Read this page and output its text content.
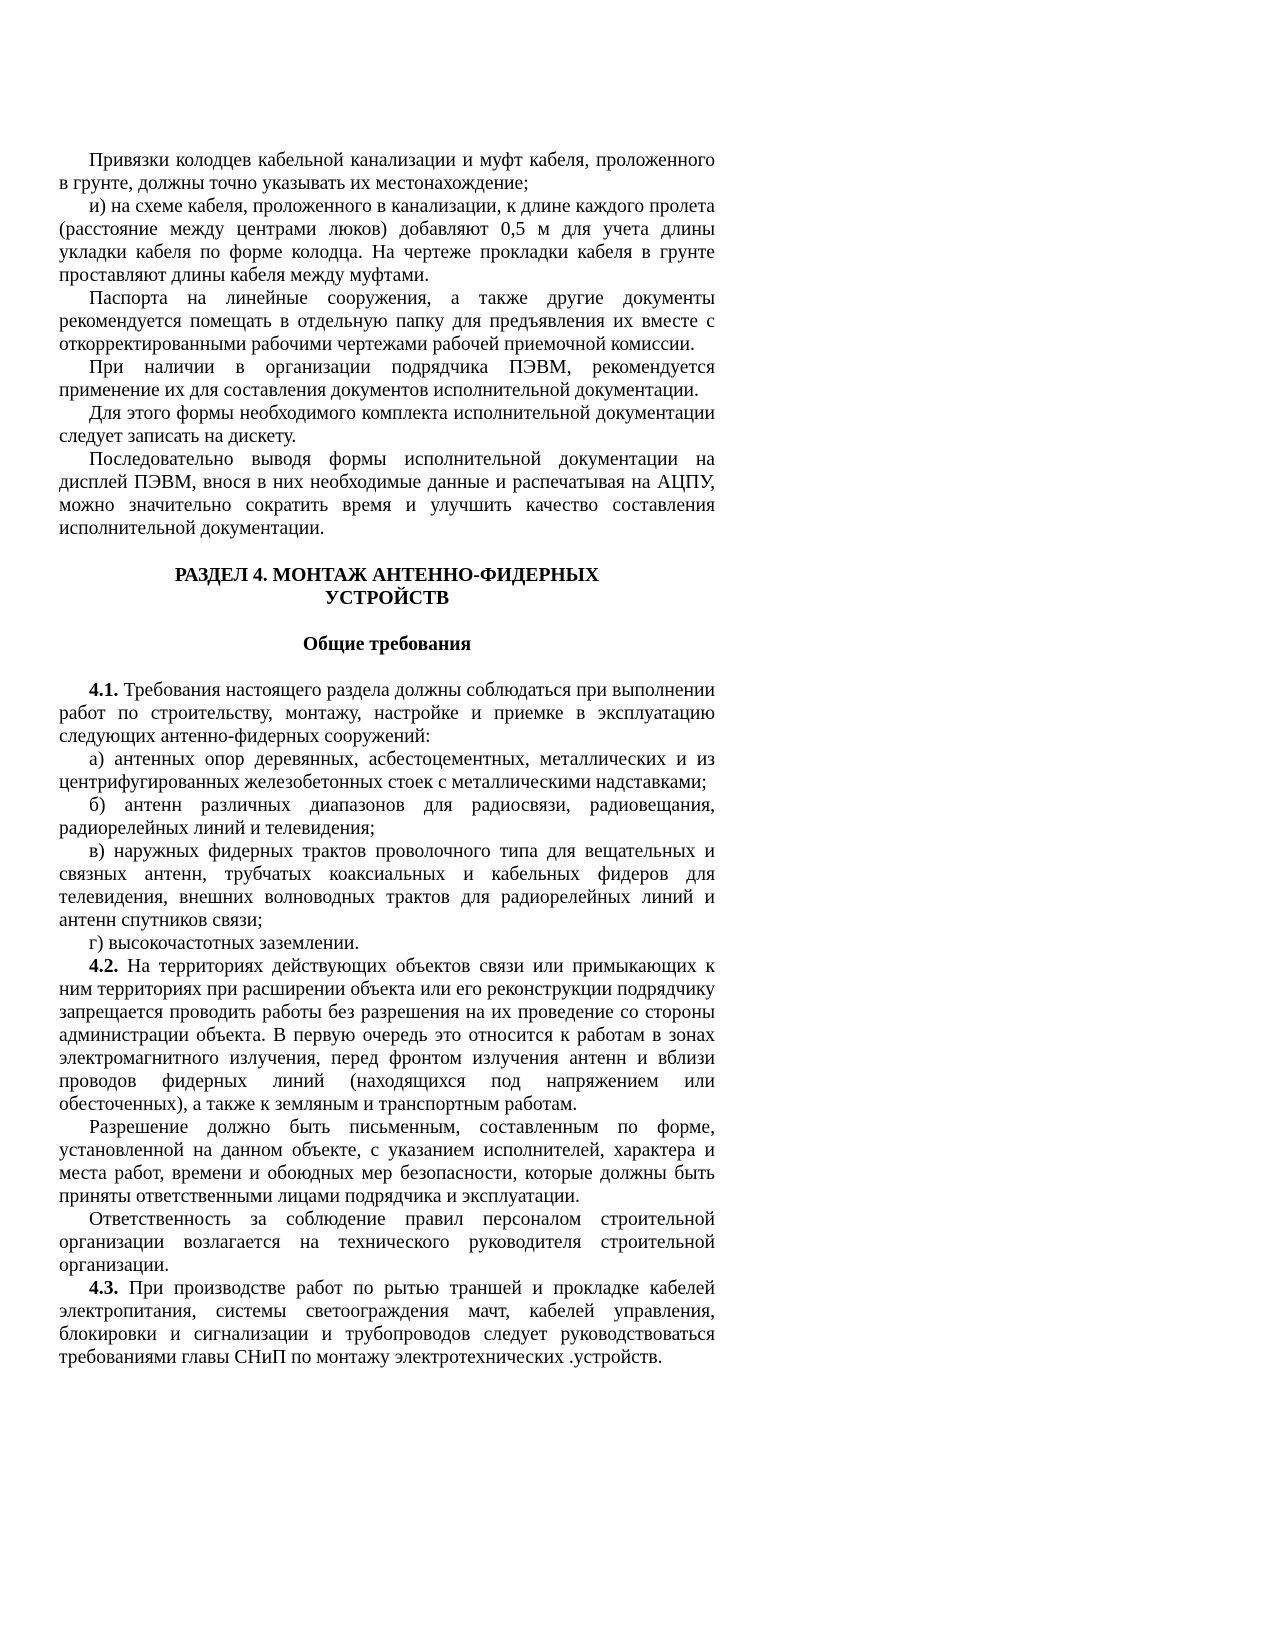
Привязки колодцев кабельной канализации и муфт кабеля, проложенного в грунте, должны точно указывать их местонахождение;

и) на схеме кабеля, проложенного в канализации, к длине каждого пролета (расстояние между центрами люков) добавляют 0,5 м для учета длины укладки кабеля по форме колодца. На чертеже прокладки кабеля в грунте проставляют длины кабеля между муфтами.

Паспорта на линейные сооружения, а также другие документы рекомендуется помещать в отдельную папку для предъявления их вместе с откорректированными рабочими чертежами рабочей приемочной комиссии.

При наличии в организации подрядчика ПЭВМ, рекомендуется применение их для составления документов исполнительной документации.

Для этого формы необходимого комплекта исполнительной документации следует записать на дискету.

Последовательно выводя формы исполнительной документации на дисплей ПЭВМ, внося в них необходимые данные и распечатывая на АЦПУ, можно значительно сократить время и улучшить качество составления исполнительной документации.

РАЗДЕЛ 4. МОНТАЖ АНТЕННО-ФИДЕРНЫХ УСТРОЙСТВ
Общие требования

4.1. Требования настоящего раздела должны соблюдаться при выполнении работ по строительству, монтажу, настройке и приемке в эксплуатацию следующих антенно-фидерных сооружений:

а) антенных опор деревянных, асбестоцементных, металлических и из центрифугированных железобетонных стоек с металлическими надставками;

б) антенн различных диапазонов для радиосвязи, радиовещания, радиорелейных линий и телевидения;

в) наружных фидерных трактов проволочного типа для вещательных и связных антенн, трубчатых коаксиальных и кабельных фидеров для телевидения, внешних волноводных трактов для радиорелейных линий и антенн спутников связи;

г) высокочастотных заземлении.

4.2. На территориях действующих объектов связи или примыкающих к ним территориях при расширении объекта или его реконструкции подрядчику запрещается проводить работы без разрешения на их проведение со стороны администрации объекта. В первую очередь это относится к работам в зонах электромагнитного излучения, перед фронтом излучения антенн и вблизи проводов фидерных линий (находящихся под напряжением или обесточенных), а также к земляным и транспортным работам.

Разрешение должно быть письменным, составленным по форме, установленной на данном объекте, с указанием исполнителей, характера и места работ, времени и обоюдных мер безопасности, которые должны быть приняты ответственными лицами подрядчика и эксплуатации.

Ответственность за соблюдение правил персоналом строительной организации возлагается на технического руководителя строительной организации.

4.3. При производстве работ по рытью траншей и прокладке кабелей электропитания, системы светоограждения мачт, кабелей управления, блокировки и сигнализации и трубопроводов следует руководствоваться требованиями главы СНиП по монтажу электротехнических .устройств.
